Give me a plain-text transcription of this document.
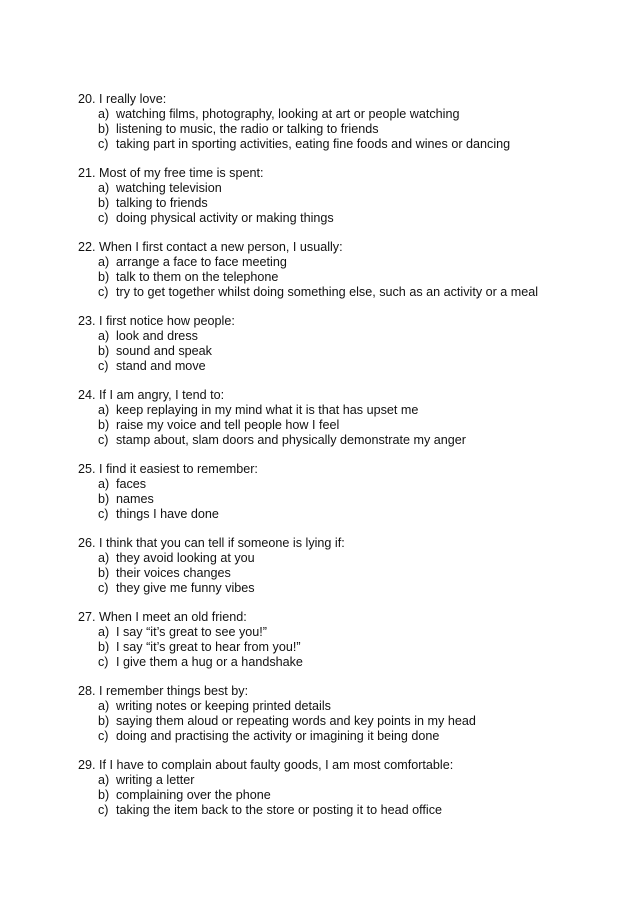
20. I really love:
a) watching films, photography, looking at art or people watching
b) listening to music, the radio or talking to friends
c) taking part in sporting activities, eating fine foods and wines or dancing
21. Most of my free time is spent:
a) watching television
b) talking to friends
c) doing physical activity or making things
22. When I first contact a new person, I usually:
a) arrange a face to face meeting
b) talk to them on the telephone
c) try to get together whilst doing something else, such as an activity or a meal
23. I first notice how people:
a) look and dress
b) sound and speak
c) stand and move
24. If I am angry, I tend to:
a) keep replaying in my mind what it is that has upset me
b) raise my voice and tell people how I feel
c) stamp about, slam doors and physically demonstrate my anger
25. I find it easiest to remember:
a) faces
b) names
c) things I have done
26. I think that you can tell if someone is lying if:
a) they avoid looking at you
b) their voices changes
c) they give me funny vibes
27. When I meet an old friend:
a) I say “it’s great to see you!”
b) I say “it’s great to hear from you!”
c) I give them a hug or a handshake
28. I remember things best by:
a) writing notes or keeping printed details
b) saying them aloud or repeating words and key points in my head
c) doing and practising the activity or imagining it being done
29. If I have to complain about faulty goods, I am most comfortable:
a) writing a letter
b) complaining over the phone
c) taking the item back to the store or posting it to head office
